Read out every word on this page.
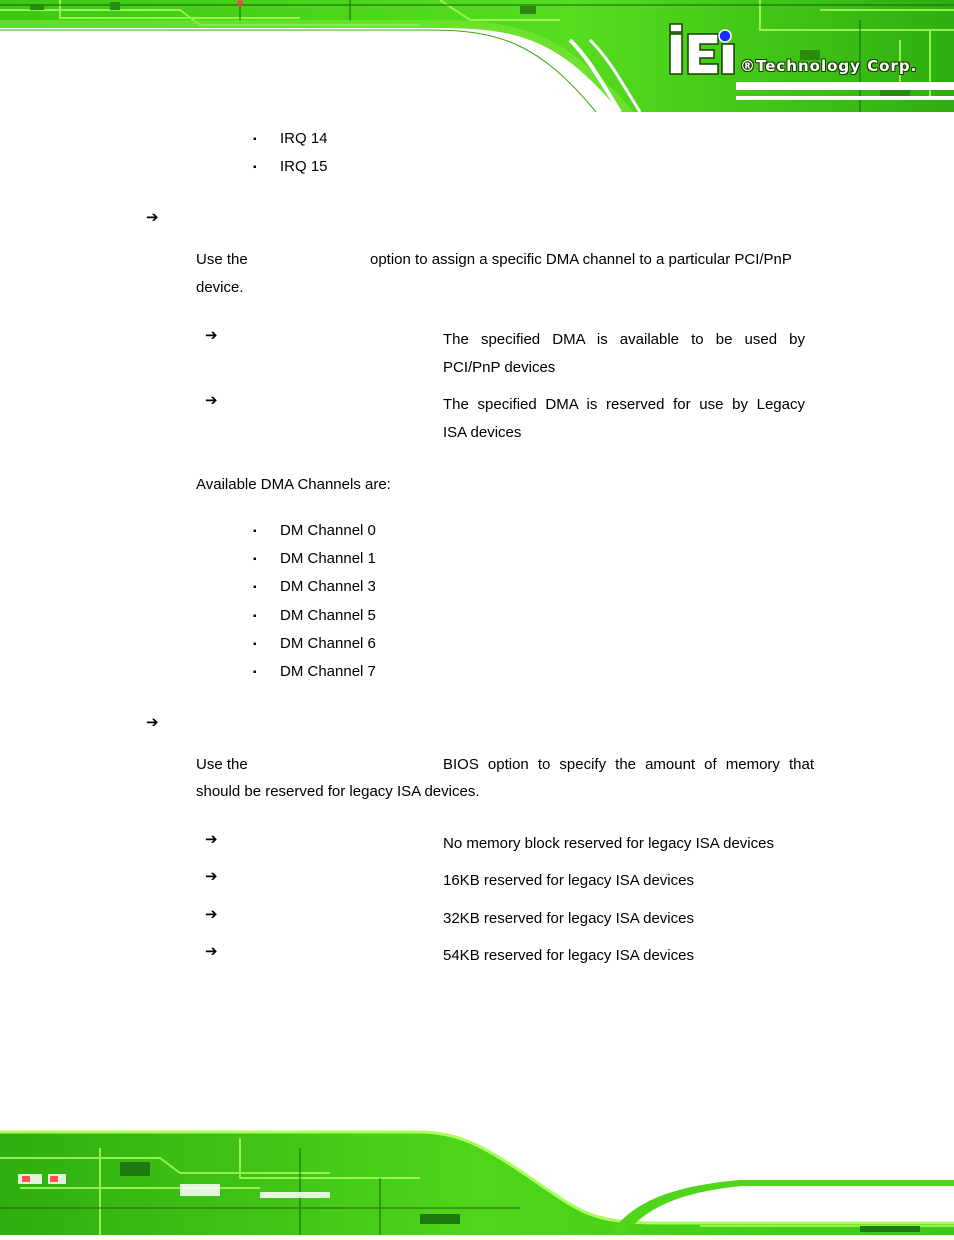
®Technology Corp.
▪ IRQ 14
▪ IRQ 15
➔
Use the	option to assign a specific DMA channel to a particular PCI/PnP
device.
➔	The specified DMA is available to be used by
PCI/PnP devices
➔	The specified DMA is reserved for use by Legacy
ISA devices
Available DMA Channels are:
▪ DM Channel 0
▪ DM Channel 1
▪ DM Channel 3
▪ DM Channel 5
▪ DM Channel 6
▪ DM Channel 7
➔
Use the	BIOS option to specify the amount of memory that
should be reserved for legacy ISA devices.
➔	No memory block reserved for legacy ISA devices
➔	16KB reserved for legacy ISA devices
➔	32KB reserved for legacy ISA devices
➔	54KB reserved for legacy ISA devices
